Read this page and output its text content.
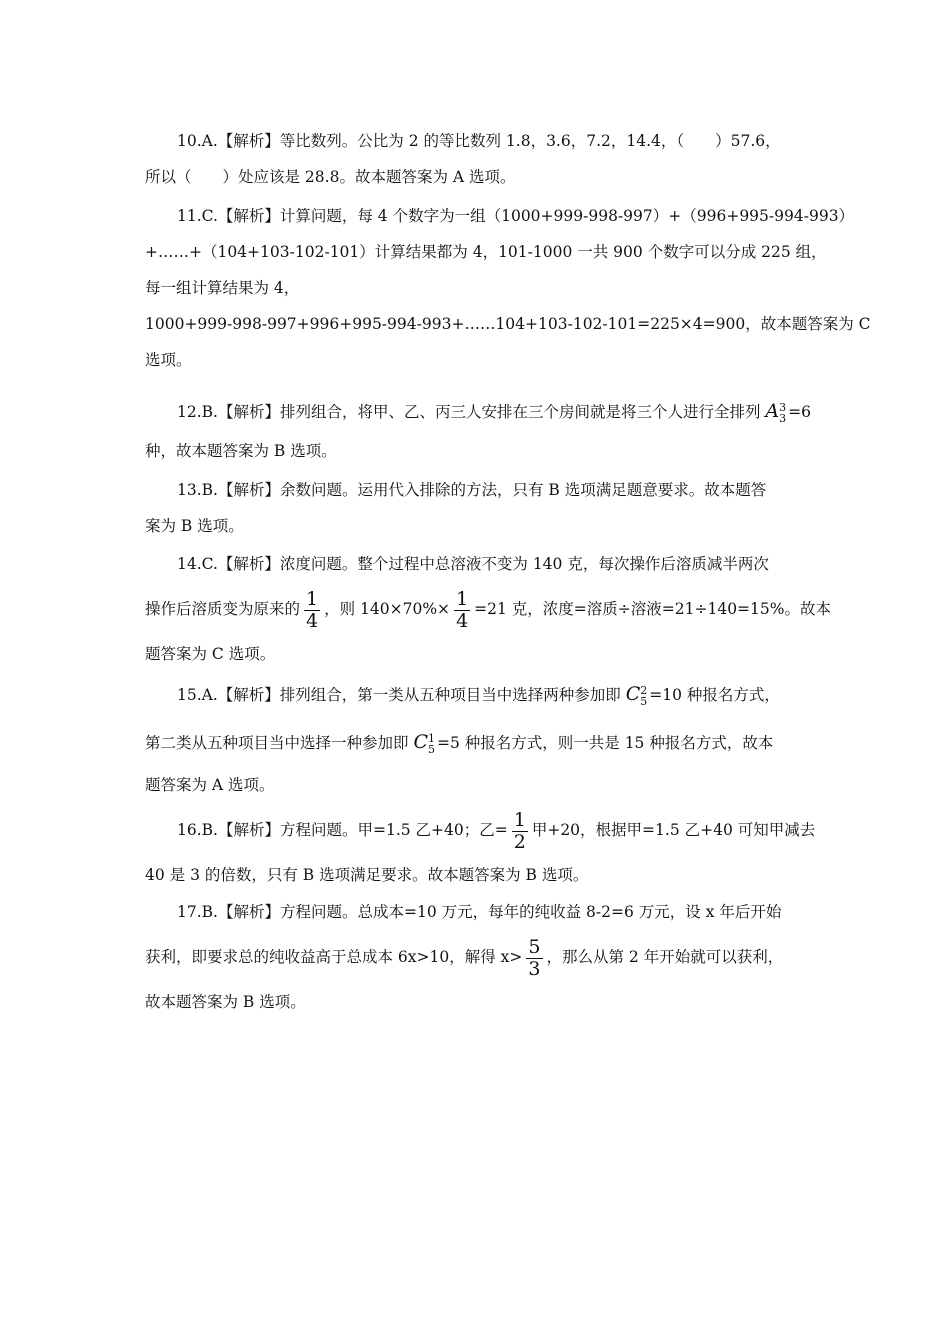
10.A.【解析】等比数列。公比为 2 的等比数列 1.8，3.6，7.2，14.4，（　　）57.6，
所以（　　）处应该是 28.8。故本题答案为 A 选项。
11.C.【解析】计算问题，每 4 个数字为一组（1000+999-998-997）+（996+995-994-993）
+……+（104+103-102-101）计算结果都为 4，101-1000 一共 900 个数字可以分成 225 组，
每一组计算结果为 4，
1000+999-998-997+996+995-994-993+……104+103-102-101=225×4=900，故本题答案为 C
选项。
12.B.【解析】排列组合，将甲、乙、丙三人安排在三个房间就是将三个人进行全排列 A 3
3 =6
种，故本题答案为 B 选项。
13.B.【解析】余数问题。运用代入排除的方法，只有 B 选项满足题意要求。故本题答
案为 B 选项。
14.C.【解析】浓度问题。整个过程中总溶液不变为 140 克，每次操作后溶质减半两次
操作后溶质变为原来的 $\frac{1}{4}$ ，则 $140\times 70\%\times \frac{1}{4} =21$ 克，浓度=溶质÷溶液=21÷140=15%。故本
题答案为 C 选项。
15.A.【解析】排列组合，第一类从五种项目当中选择两种参加即 C 2
5 =10 种报名方式，
第二类从五种项目当中选择一种参加即 C 1
5 =5 种报名方式，则一共是 15 种报名方式，故本
题答案为 A 选项。
16.B.【解析】方程问题。甲=1.5 乙+40；乙= $\frac{1}{2}$ 甲+20，根据甲=1.5 乙+40 可知甲减去
40 是 3 的倍数，只有 B 选项满足要求。故本题答案为 B 选项。
17.B.【解析】方程问题。总成本=10 万元，每年的纯收益 8-2=6 万元，设 x 年后开始
获利，即要求总的纯收益高于总成本 6x>10，解得 $x> \frac{5}{3}$ ，那么从第 2 年开始就可以获利，
故本题答案为 B 选项。
